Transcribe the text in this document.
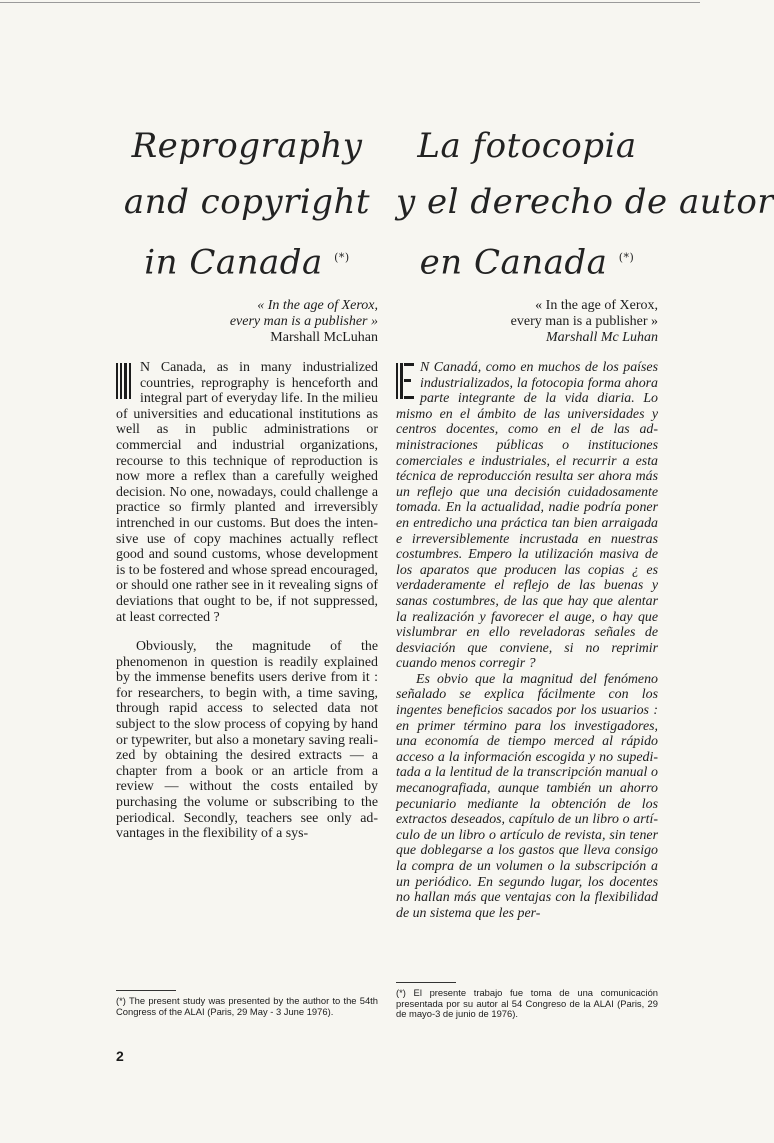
Reprography
and copyright
in Canada (*)
« In the age of Xerox,
every man is a publisher »
Marshall McLuhan

N Canada, as in many industrialized countries, reprography is henceforth and integral part of everyday life. In the milieu of universities and educational institutions as well as in public administrations or commercial and industrial organizations, recourse to this technique of reproduction is now more a reflex than a carefully weighed decision. No one, nowadays, could challenge a practice so firmly planted and irreversibly intrenched in our customs. But does the intensive use of copy machines actually reflect good and sound customs, whose development is to be fostered and whose spread encouraged, or should one rather see in it revealing signs of deviations that ought to be, if not suppressed, at least corrected ?

Obviously, the magnitude of the phenomenon in question is readily explained by the immense benefits users derive from it : for researchers, to begin with, a time saving, through rapid access to selected data not subject to the slow process of copying by hand or typewriter, but also a monetary saving realized by obtaining the desired extracts — a chapter from a book or an article from a review — without the costs entailed by purchasing the volume or subscribing to the periodical. Secondly, teachers see only advantages in the flexibility of a sys-

(*) The present study was presented by the author to the 54th Congress of the ALAI (Paris, 29 May - 3 June 1976).
La fotocopia
y el derecho de autor
en Canada (*)
« In the age of Xerox,
every man is a publisher »
Marshall Mc Luhan

N Canadá, como en muchos de los países industrializados, la fotocopia forma ahora parte integrante de la vida diaria. Lo mismo en el ámbito de las universidades y centros docentes, como en el de las administraciones públicas o instituciones comerciales e industriales, el recurrir a esta técnica de reproducción resulta ser ahora más un reflejo que una decisión cuidadosamente tomada. En la actualidad, nadie podría poner en entredicho una práctica tan bien arraigada e irreversiblemente incrustada en nuestras costumbres. Empero la utilización masiva de los aparatos que producen las copias ¿ es verdaderamente el reflejo de las buenas y sanas costumbres, de las que hay que alentar la realización y favorecer el auge, o hay que vislumbrar en ello reveladoras señales de desviación que conviene, si no reprimir cuando menos corregir ?

Es obvio que la magnitud del fenómeno señalado se explica fácilmente con los ingentes beneficios sacados por los usuarios : en primer término para los investigadores, una economía de tiempo merced al rápido acceso a la información escogida y no supeditada a la lentitud de la transcripción manual o mecanografiada, aunque también un ahorro pecuniario mediante la obtención de los extractos deseados, capítulo de un libro o artículo de un libro o artículo de revista, sin tener que doblegarse a los gastos que lleva consigo la compra de un volumen o la subscripción a un periódico. En segundo lugar, los docentes no hallan más que ventajas con la flexibilidad de un sistema que les per-

(*) El presente trabajo fue toma de una comunicación presentada por su autor al 54 Congreso de la ALAI (Paris, 29 de mayo-3 de junio de 1976).
2
